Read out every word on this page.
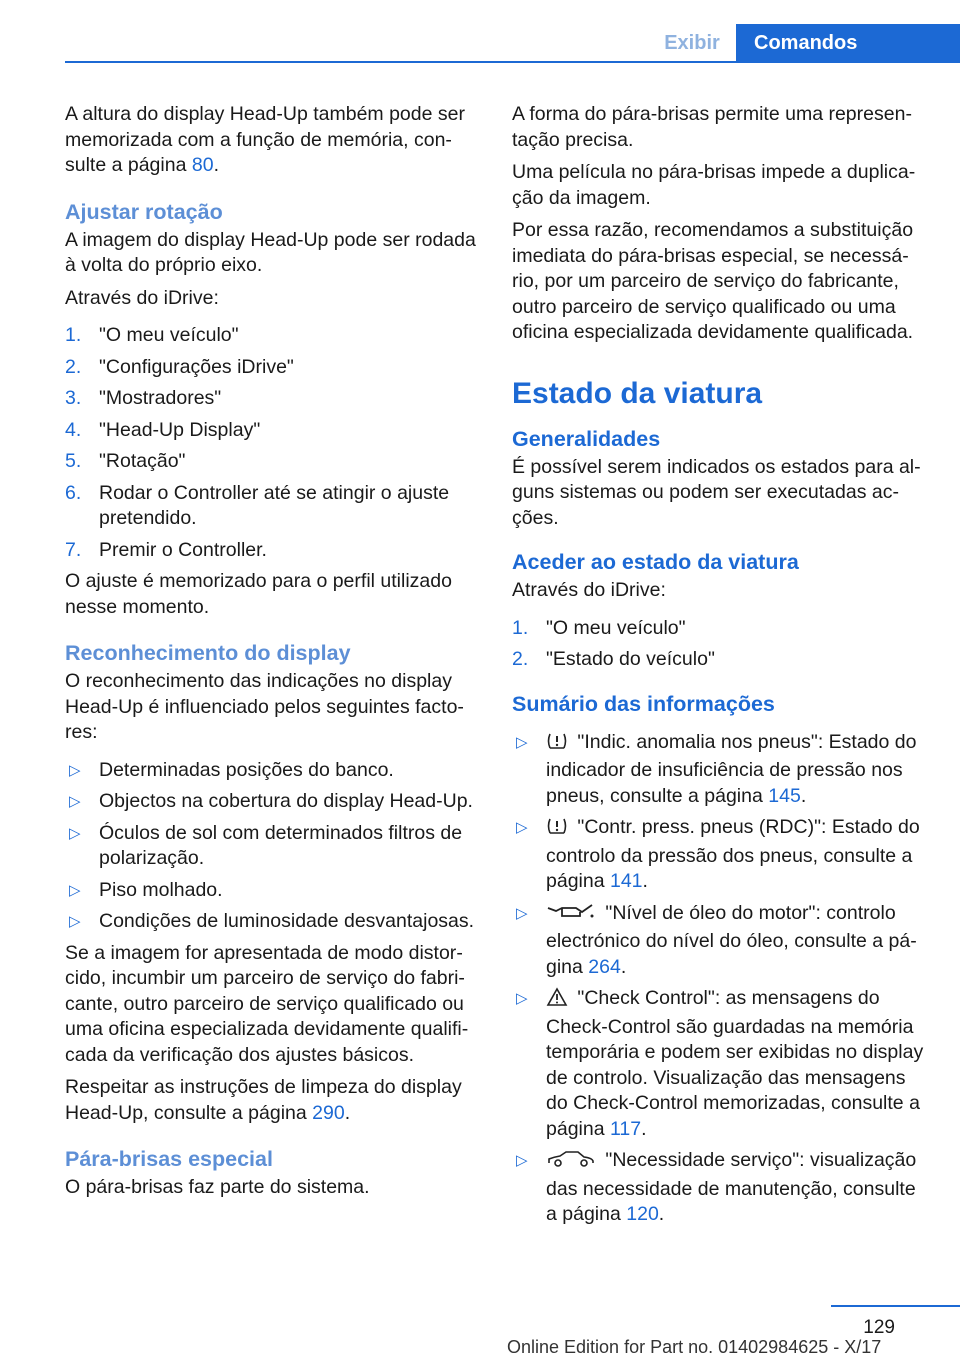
Exibir	Comandos

A altura do display Head-Up também pode ser memorizada com a função de memória, consulte a página 80.

Ajustar rotação

A imagem do display Head-Up pode ser rodada à volta do próprio eixo.

Através do iDrive:

1. "O meu veículo"
2. "Configurações iDrive"
3. "Mostradores"
4. "Head-Up Display"
5. "Rotação"
6. Rodar o Controller até se atingir o ajuste pretendido.
7. Premir o Controller.

O ajuste é memorizado para o perfil utilizado nesse momento.

Reconhecimento do display

O reconhecimento das indicações no display Head-Up é influenciado pelos seguintes factores:

▷ Determinadas posições do banco.
▷ Objectos na cobertura do display Head-Up.
▷ Óculos de sol com determinados filtros de polarização.
▷ Piso molhado.
▷ Condições de luminosidade desvantajosas.

Se a imagem for apresentada de modo distorcido, incumbir um parceiro de serviço do fabricante, outro parceiro de serviço qualificado ou uma oficina especializada devidamente qualificada da verificação dos ajustes básicos.

Respeitar as instruções de limpeza do display Head-Up, consulte a página 290.

Pára-brisas especial

O pára-brisas faz parte do sistema.

A forma do pára-brisas permite uma representação precisa.

Uma película no pára-brisas impede a duplicação da imagem.

Por essa razão, recomendamos a substituição imediata do pára-brisas especial, se necessário, por um parceiro de serviço do fabricante, outro parceiro de serviço qualificado ou uma oficina especializada devidamente qualificada.

Estado da viatura
Generalidades

É possível serem indicados os estados para alguns sistemas ou podem ser executadas acções.

Aceder ao estado da viatura

Através do iDrive:

1. "O meu veículo"
2. "Estado do veículo"
Sumário das informações
▷ "Indic. anomalia nos pneus": Estado do indicador de insuficiência de pressão nos pneus, consulte a página 145.
▷ "Contr. press. pneus (RDC)": Estado do controlo da pressão dos pneus, consulte a página 141.
▷	"Nível de óleo do motor": controlo electrónico do nível do óleo, consulte a página 264.
▷ "Check Control": as mensagens do Check-Control são guardadas na memória temporária e podem ser exibidas no display de controlo. Visualização das mensagens do Check-Control memorizadas, consulte a página 117.
▷	"Necessidade serviço": visualização das necessidade de manutenção, consulte a página 120.
129
Online Edition for Part no. 01402984625 - X/17
